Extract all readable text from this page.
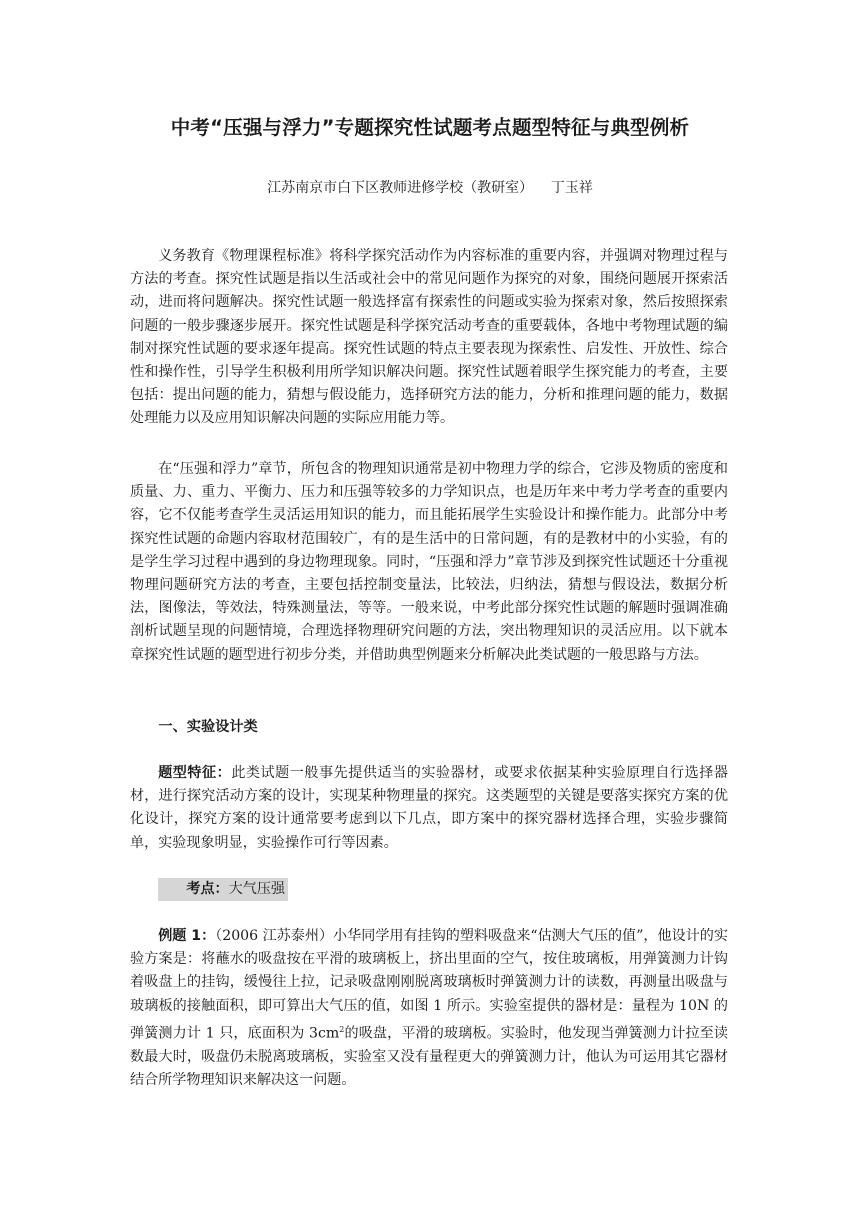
中考“压强与浮力”专题探究性试题考点题型特征与典型例析
江苏南京市白下区教师进修学校（教研室）    丁玉祥

义务教育《物理课程标准》将科学探究活动作为内容标准的重要内容，并强调对物理过程与方法的考查。探究性试题是指以生活或社会中的常见问题作为探究的对象，围绕问题展开探索活动，进而将问题解决。探究性试题一般选择富有探索性的问题或实验为探索对象，然后按照探索问题的一般步骤逐步展开。探究性试题是科学探究活动考查的重要载体，各地中考物理试题的编制对探究性试题的要求逐年提高。探究性试题的特点主要表现为探索性、启发性、开放性、综合性和操作性，引导学生积极利用所学知识解决问题。探究性试题着眼学生探究能力的考查，主要包括：提出问题的能力，猜想与假设能力，选择研究方法的能力，分析和推理问题的能力，数据处理能力以及应用知识解决问题的实际应用能力等。

在“压强和浮力”章节，所包含的物理知识通常是初中物理力学的综合，它涉及物质的密度和质量、力、重力、平衡力、压力和压强等较多的力学知识点，也是历年来中考力学考查的重要内容，它不仅能考查学生灵活运用知识的能力，而且能拓展学生实验设计和操作能力。此部分中考探究性试题的命题内容取材范围较广，有的是生活中的日常问题，有的是教材中的小实验，有的是学生学习过程中遇到的身边物理现象。同时，“压强和浮力”章节涉及到探究性试题还十分重视物理问题研究方法的考查，主要包括控制变量法，比较法，归纳法，猜想与假设法，数据分析法，图像法，等效法，特殊测量法，等等。一般来说，中考此部分探究性试题的解题时强调准确剖析试题呈现的问题情境，合理选择物理研究问题的方法，突出物理知识的灵活应用。以下就本章探究性试题的题型进行初步分类，并借助典型例题来分析解决此类试题的一般思路与方法。

一、实验设计类

题型特征：此类试题一般事先提供适当的实验器材，或要求依据某种实验原理自行选择器材，进行探究活动方案的设计，实现某种物理量的探究。这类题型的关键是要落实探究方案的优化设计，探究方案的设计通常要考虑到以下几点，即方案中的探究器材选择合理，实验步骤简单，实验现象明显，实验操作可行等因素。

考点：大气压强

例题 1：（2006 江苏泰州）小华同学用有挂钩的塑料吸盘来“估测大气压的值”，他设计的实验方案是：将蘸水的吸盘按在平滑的玻璃板上，挤出里面的空气，按住玻璃板，用弹簧测力计钩着吸盘上的挂钩，缓慢往上拉，记录吸盘刚刚脱离玻璃板时弹簧测力计的读数，再测量出吸盘与玻璃板的接触面积，即可算出大气压的值，如图 1 所示。实验室提供的器材是：量程为 10N 的弹簧测力计 1 只，底面积为 $3cm^2$的吸盘，平滑的玻璃板。实验时，他发现当弹簧测力计拉至读数最大时，吸盘仍未脱离玻璃板，实验室又没有量程更大的弹簧测力计，他认为可运用其它器材结合所学物理知识来解决这一问题。
